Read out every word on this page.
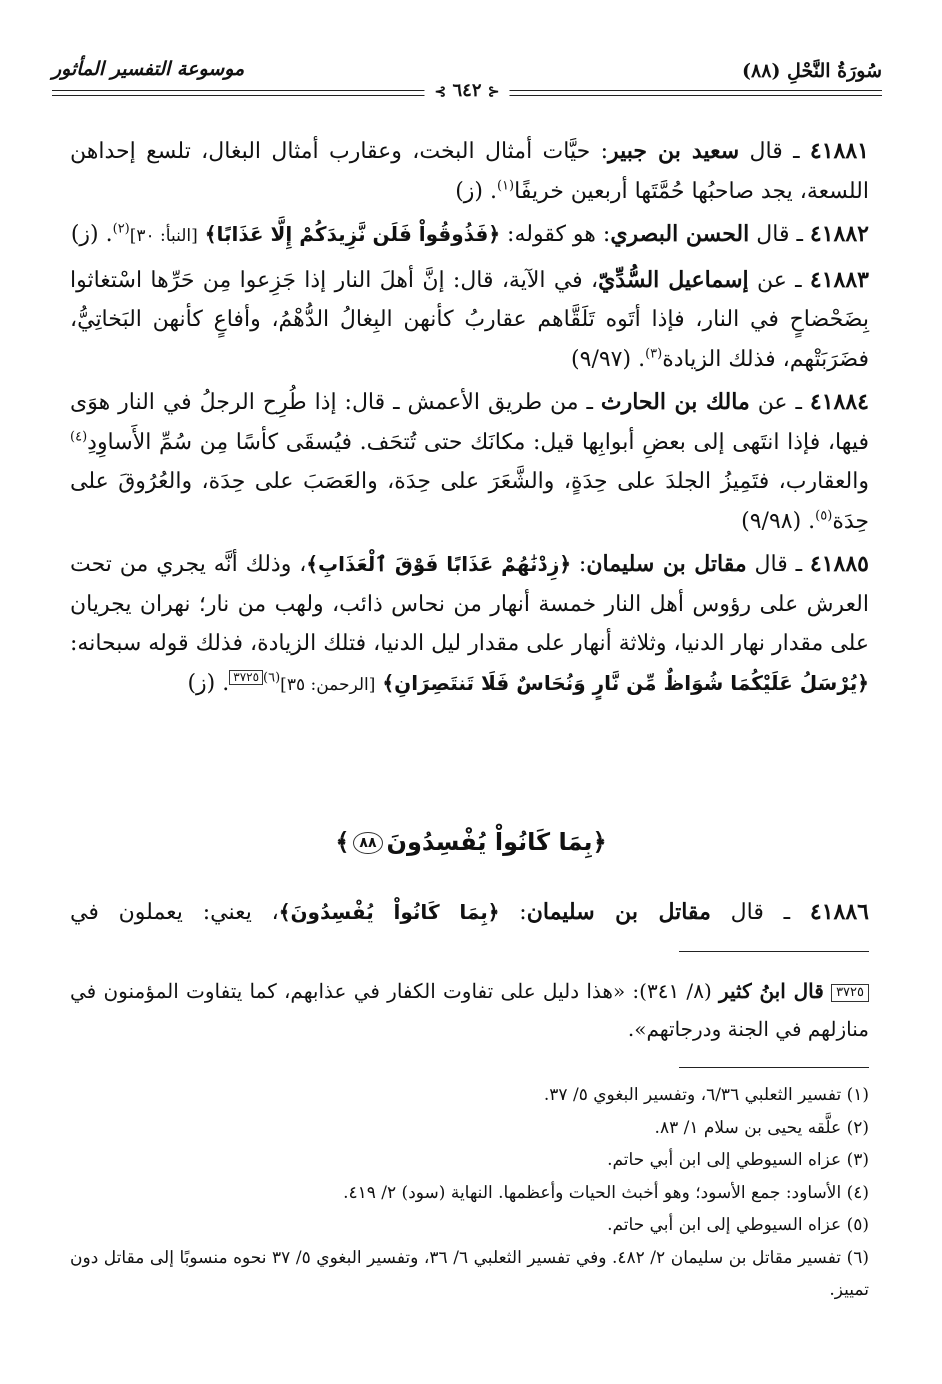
سُورَةُ النَّحْلِ (٨٨)
موسوعة التفسير المأثور
⊰ ٦٤٢ ⊱

٤١٨٨١ ـ قال سعيد بن جبير: حيَّات أمثال البخت، وعقارب أمثال البغال، تلسع إحداهن اللسعة، يجد صاحبُها حُمَّتَها أربعين خريفًا$^{(١)}$. (ز)

٤١٨٨٢ ـ قال الحسن البصري: هو كقوله: ﴿فَذُوقُواْ فَلَن نَّزِيدَكُمْ إِلَّا عَذَابًا﴾ [النبأ: ٣٠]$^{(٢)}$. (ز)

٤١٨٨٣ ـ عن إسماعيل السُّدِّيّ، في الآية، قال: إنَّ أهلَ النار إذا جَزِعوا مِن حَرِّها اسْتغاثوا بِضَحْضاحٍ في النار، فإذا أتَوه تَلَقَّاهم عقاربُ كأنهن البِغالُ الدُّهْمُ، وأفاعٍ كأنهن البَخاتِيُّ، فضَرَبَتْهم، فذلك الزيادة$^{(٣)}$. (٩/٩٧)

٤١٨٨٤ ـ عن مالك بن الحارث ـ من طريق الأعمش ـ قال: إذا طُرِح الرجلُ في النار هوَى فيها، فإذا انتَهى إلى بعضِ أبوابِها قيل: مكانَك حتى تُتحَف. فيُسقَى كأسًا مِن سُمِّ الأَساوِدِ$^{(٤)}$ والعقارب، فتَمِيزُ الجلدَ على حِدَةٍ، والشَّعَرَ على حِدَة، والعَصَبَ على حِدَة، والعُرُوقَ على حِدَة$^{(٥)}$. (٩/٩٨)

٤١٨٨٥ ـ قال مقاتل بن سليمان: ﴿زِدْنَٰهُمْ عَذَابًا فَوْقَ ٱلْعَذَابِ﴾، وذلك أنَّه يجري من تحت العرش على رؤوس أهل النار خمسة أنهار من نحاس ذائب، ولهب من نار؛ نهران يجريان على مقدار نهار الدنيا، وثلاثة أنهار على مقدار ليل الدنيا، فتلك الزيادة، فذلك قوله سبحانه: ﴿يُرْسَلُ عَلَيْكُمَا شُوَاظٌ مِّن نَّارٍ وَنُحَاسٌ فَلَا تَنتَصِرَانِ﴾ [الرحمن: ٣٥]$^{(٦)}$٣٧٢٥. (ز)

﴿بِمَا كَانُواْ يُفْسِدُونَ٨٨﴾
٤١٨٨٦ ـ قال مقاتل بن سليمان: ﴿بِمَا كَانُواْ يُفْسِدُونَ﴾، يعني: يعملون في
٣٧٢٥ قال ابنُ كثير (٨/ ٣٤١): «هذا دليل على تفاوت الكفار في عذابهم، كما يتفاوت المؤمنون في منازلهم في الجنة ودرجاتهم».
(١) تفسير الثعلبي ٦/٣٦، وتفسير البغوي ٥/ ٣٧.
(٢) علَّقه يحيى بن سلام ١/ ٨٣.
(٣) عزاه السيوطي إلى ابن أبي حاتم.
(٤) الأساود: جمع الأسود؛ وهو أخبث الحيات وأعظمها. النهاية (سود) ٢/ ٤١٩.
(٥) عزاه السيوطي إلى ابن أبي حاتم.
(٦) تفسير مقاتل بن سليمان ٢/ ٤٨٢. وفي تفسير الثعلبي ٦/ ٣٦، وتفسير البغوي ٥/ ٣٧ نحوه منسوبًا إلى مقاتل دون تمييز.
